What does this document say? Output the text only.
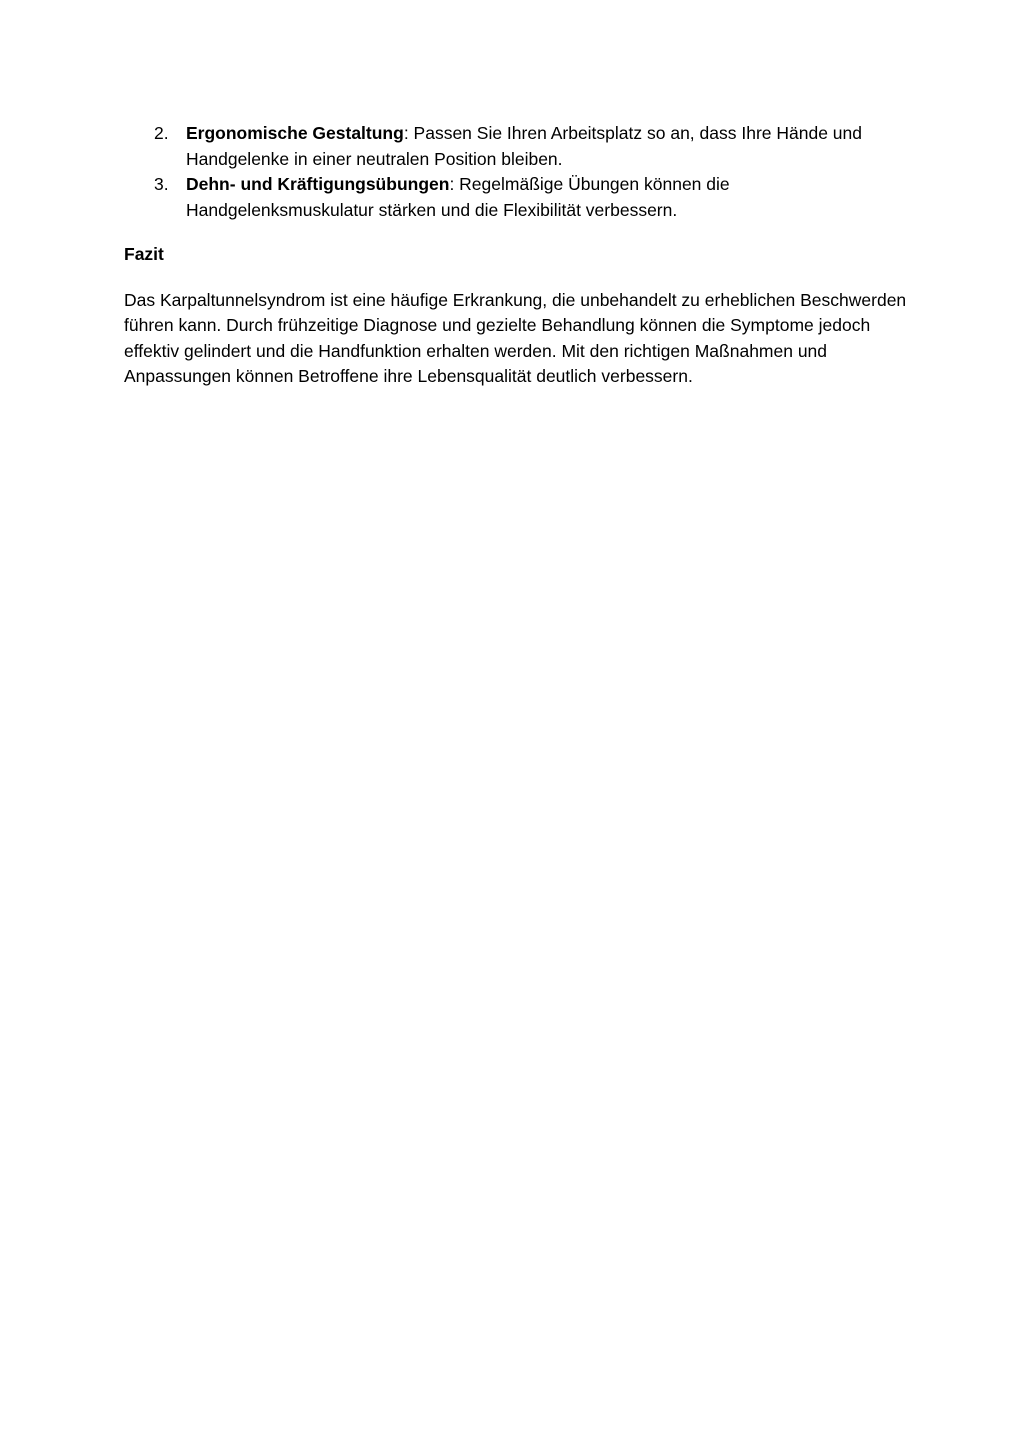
2. Ergonomische Gestaltung: Passen Sie Ihren Arbeitsplatz so an, dass Ihre Hände und Handgelenke in einer neutralen Position bleiben.
3. Dehn- und Kräftigungsübungen: Regelmäßige Übungen können die Handgelenksmuskulatur stärken und die Flexibilität verbessern.
Fazit

Das Karpaltunnelsyndrom ist eine häufige Erkrankung, die unbehandelt zu erheblichen Beschwerden führen kann. Durch frühzeitige Diagnose und gezielte Behandlung können die Symptome jedoch effektiv gelindert und die Handfunktion erhalten werden. Mit den richtigen Maßnahmen und Anpassungen können Betroffene ihre Lebensqualität deutlich verbessern.
